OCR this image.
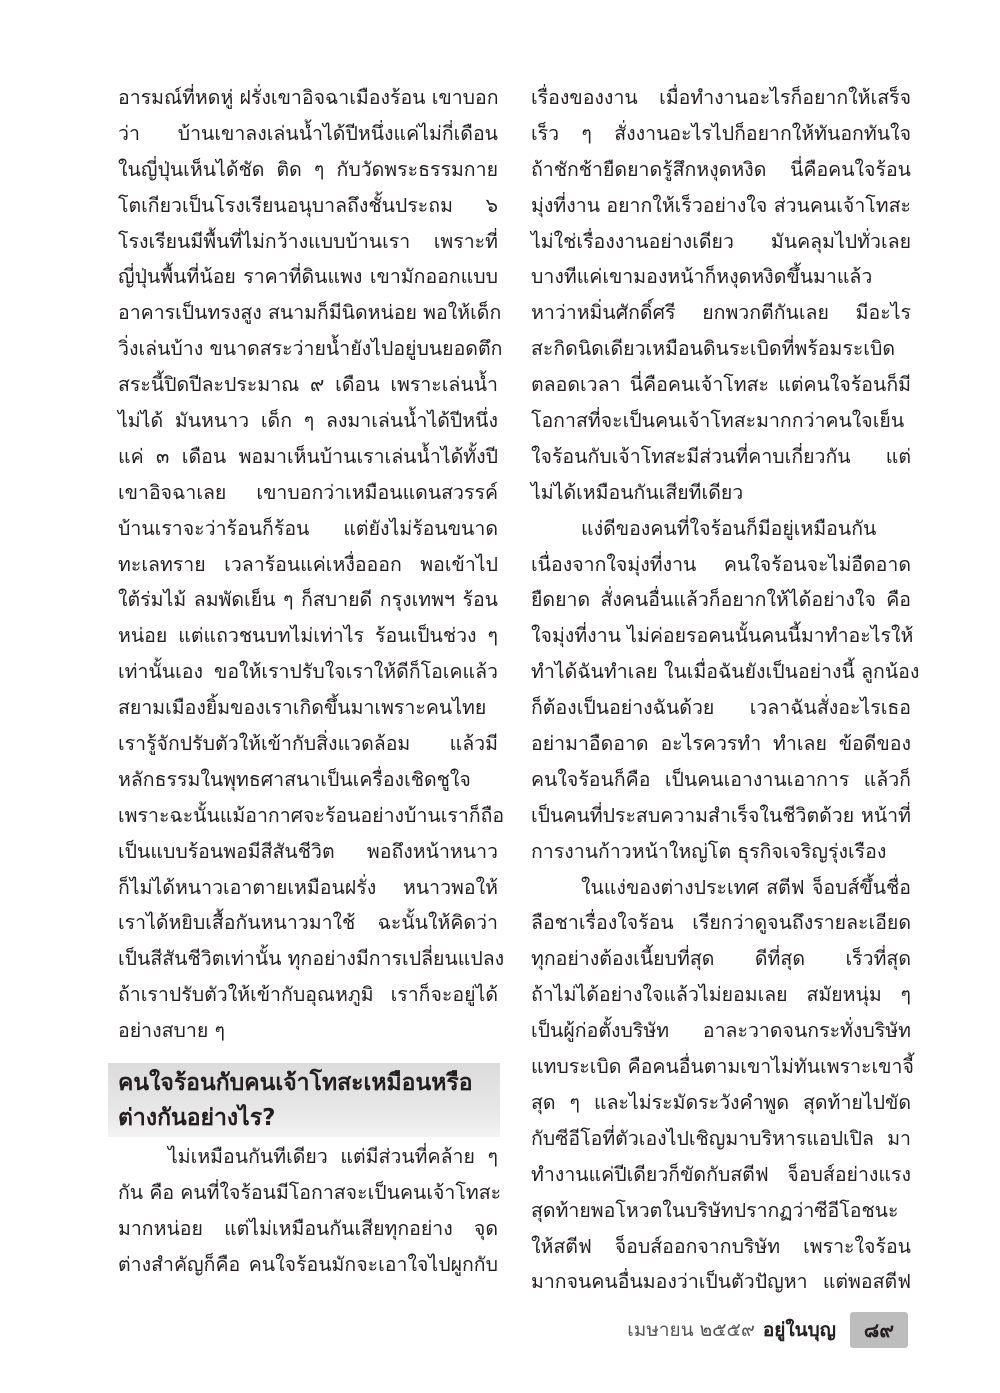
อารมณ์ที่หดหู่ ฝรั่งเขาอิจฉาเมืองร้อน เขาบอก
ว่า บ้านเขาลงเล่นน้ำได้ปีหนึ่งแค่ไม่กี่เดือน
ในญี่ปุ่นเห็นได้ชัด ติด ๆ กับวัดพระธรรมกาย
โตเกียวเป็นโรงเรียนอนุบาลถึงชั้นประถม ๖
โรงเรียนมีพื้นที่ไม่กว้างแบบบ้านเรา เพราะที่
ญี่ปุ่นพื้นที่น้อย ราคาที่ดินแพง เขามักออกแบบ
อาคารเป็นทรงสูง สนามก็มีนิดหน่อย พอให้เด็ก
วิ่งเล่นบ้าง ขนาดสระว่ายน้ำยังไปอยู่บนยอดตึก
สระนี้ปิดปีละประมาณ ๙ เดือน เพราะเล่นน้ำ
ไม่ได้ มันหนาว เด็ก ๆ ลงมาเล่นน้ำได้ปีหนึ่ง
แค่ ๓ เดือน พอมาเห็นบ้านเราเล่นน้ำได้ทั้งปี
เขาอิจฉาเลย เขาบอกว่าเหมือนแดนสวรรค์
บ้านเราจะว่าร้อนก็ร้อน แต่ยังไม่ร้อนขนาด
ทะเลทราย เวลาร้อนแค่เหงื่อออก พอเข้าไป
ใต้ร่มไม้ ลมพัดเย็น ๆ ก็สบายดี กรุงเทพฯ ร้อน
หน่อย แต่แถวชนบทไม่เท่าไร ร้อนเป็นช่วง ๆ
เท่านั้นเอง ขอให้เราปรับใจเราให้ดีก็โอเคแล้ว
สยามเมืองยิ้มของเราเกิดขึ้นมาเพราะคนไทย
เรารู้จักปรับตัวให้เข้ากับสิ่งแวดล้อม แล้วมี
หลักธรรมในพุทธศาสนาเป็นเครื่องเชิดชูใจ
เพราะฉะนั้นแม้อากาศจะร้อนอย่างบ้านเราก็ถือ
เป็นแบบร้อนพอมีสีสันชีวิต พอถึงหน้าหนาว
ก็ไม่ได้หนาวเอาตายเหมือนฝรั่ง หนาวพอให้
เราได้หยิบเสื้อกันหนาวมาใช้ ฉะนั้นให้คิดว่า
เป็นสีสันชีวิตเท่านั้น ทุกอย่างมีการเปลี่ยนแปลง
ถ้าเราปรับตัวให้เข้ากับอุณหภูมิ เราก็จะอยู่ได้
อย่างสบาย ๆ
คนใจร้อนกับคนเจ้าโทสะเหมือนหรือ
ต่างกันอย่างไร?
ไม่เหมือนกันทีเดียว แต่มีส่วนที่คล้าย ๆ
กัน คือ คนที่ใจร้อนมีโอกาสจะเป็นคนเจ้าโทสะ
มากหน่อย แต่ไม่เหมือนกันเสียทุกอย่าง จุด
ต่างสำคัญก็คือ คนใจร้อนมักจะเอาใจไปผูกกับ
เรื่องของงาน เมื่อทำงานอะไรก็อยากให้เสร็จ
เร็ว ๆ สั่งงานอะไรไปก็อยากให้ทันอกทันใจ
ถ้าชักช้ายืดยาดรู้สึกหงุดหงิด นี่คือคนใจร้อน
มุ่งที่งาน อยากให้เร็วอย่างใจ ส่วนคนเจ้าโทสะ
ไม่ใช่เรื่องงานอย่างเดียว มันคลุมไปทั่วเลย
บางทีแค่เขามองหน้าก็หงุดหงิดขึ้นมาแล้ว
หาว่าหมิ่นศักดิ์ศรี ยกพวกตีกันเลย มีอะไร
สะกิดนิดเดียวเหมือนดินระเบิดที่พร้อมระเบิด
ตลอดเวลา นี่คือคนเจ้าโทสะ แต่คนใจร้อนก็มี
โอกาสที่จะเป็นคนเจ้าโทสะมากกว่าคนใจเย็น
ใจร้อนกับเจ้าโทสะมีส่วนที่คาบเกี่ยวกัน แต่
ไม่ได้เหมือนกันเสียทีเดียว
แง่ดีของคนที่ใจร้อนก็มีอยู่เหมือนกัน
เนื่องจากใจมุ่งที่งาน คนใจร้อนจะไม่อืดอาด
ยืดยาด สั่งคนอื่นแล้วก็อยากให้ได้อย่างใจ คือ
ใจมุ่งที่งาน ไม่ค่อยรอคนนั้นคนนี้มาทำอะไรให้
ทำได้ฉันทำเลย ในเมื่อฉันยังเป็นอย่างนี้ ลูกน้อง
ก็ต้องเป็นอย่างฉันด้วย เวลาฉันสั่งอะไรเธอ
อย่ามาอืดอาด อะไรควรทำ ทำเลย ข้อดีของ
คนใจร้อนก็คือ เป็นคนเอางานเอาการ แล้วก็
เป็นคนที่ประสบความสำเร็จในชีวิตด้วย หน้าที่
การงานก้าวหน้าใหญ่โต ธุรกิจเจริญรุ่งเรือง
ในแง่ของต่างประเทศ สตีฟ จ็อบส์ขึ้นชื่อ
ลือชาเรื่องใจร้อน เรียกว่าดูจนถึงรายละเอียด
ทุกอย่างต้องเนี้ยบที่สุด ดีที่สุด เร็วที่สุด
ถ้าไม่ได้อย่างใจแล้วไม่ยอมเลย สมัยหนุ่ม ๆ
เป็นผู้ก่อตั้งบริษัท อาละวาดจนกระทั่งบริษัท
แทบระเบิด คือคนอื่นตามเขาไม่ทันเพราะเขาจี้
สุด ๆ และไม่ระมัดระวังคำพูด สุดท้ายไปขัด
กับซีอีโอที่ตัวเองไปเชิญมาบริหารแอปเปิล มา
ทำงานแค่ปีเดียวก็ขัดกับสตีฟ จ็อบส์อย่างแรง
สุดท้ายพอโหวตในบริษัทปรากฏว่าซีอีโอชนะ
ให้สตีฟ จ็อบส์ออกจากบริษัท เพราะใจร้อน
มากจนคนอื่นมองว่าเป็นตัวปัญหา แต่พอสตีฟ
เมษายน ๒๕๕๙ อยู่ในบุญ	๘๙
